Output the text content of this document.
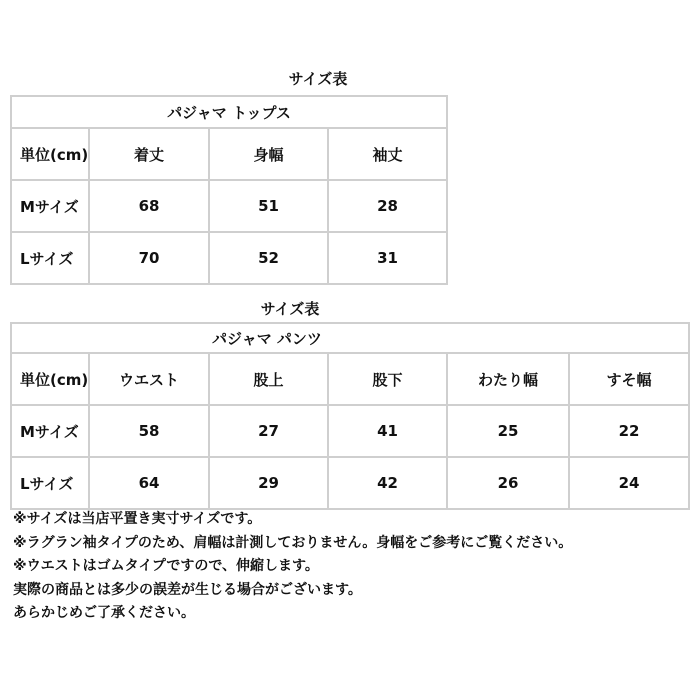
サイズ表
パジャマ トップス			
単位(cm)	着丈	身幅	袖丈
Mサイズ	68	51	28
Lサイズ	70	52	31
サイズ表
パジャマ パンツ					
単位(cm)	ウエスト	股上	股下	わたり幅	すそ幅
Mサイズ	58	27	41	25	22
Lサイズ	64	29	42	26	24
※サイズは当店平置き実寸サイズです。
※ラグラン袖タイプのため、肩幅は計測しておりません。身幅をご参考にご覧ください。
※ウエストはゴムタイプですので、伸縮します。
実際の商品とは多少の誤差が生じる場合がございます。
あらかじめご了承ください。
